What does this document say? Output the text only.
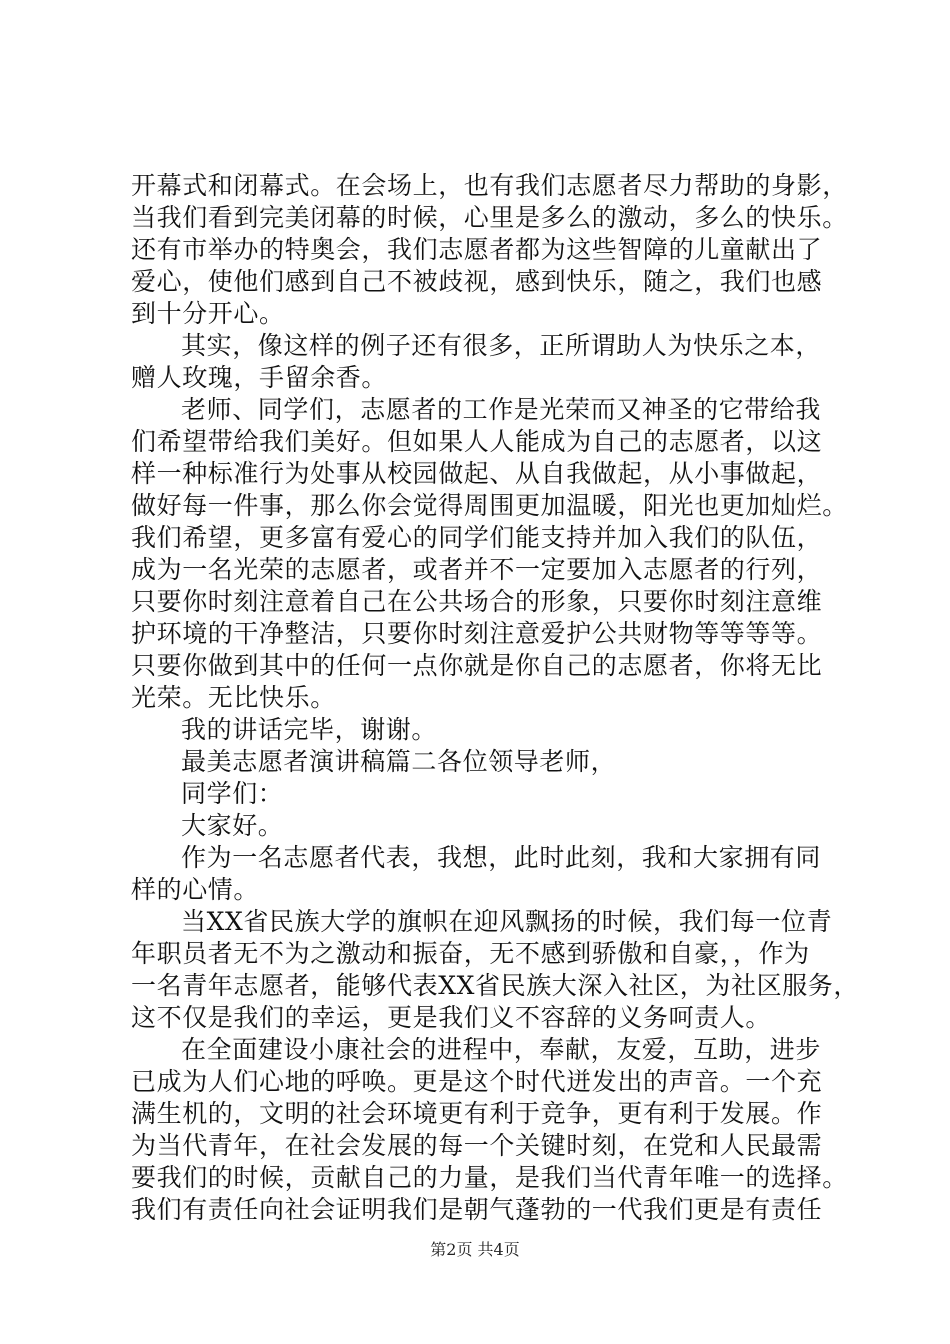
开幕式和闭幕式。在会场上，也有我们志愿者尽力帮助的身影，
当我们看到完美闭幕的时候，心里是多么的激动，多么的快乐。
还有市举办的特奥会，我们志愿者都为这些智障的儿童献出了
爱心，使他们感到自己不被歧视，感到快乐，随之，我们也感
到十分开心。
其实，像这样的例子还有很多，正所谓助人为快乐之本，
赠人玫瑰，手留余香。
老师、同学们，志愿者的工作是光荣而又神圣的它带给我
们希望带给我们美好。但如果人人能成为自己的志愿者，以这
样一种标准行为处事从校园做起、从自我做起，从小事做起，
做好每一件事，那么你会觉得周围更加温暖，阳光也更加灿烂。
我们希望，更多富有爱心的同学们能支持并加入我们的队伍，
成为一名光荣的志愿者，或者并不一定要加入志愿者的行列，
只要你时刻注意着自己在公共场合的形象，只要你时刻注意维
护环境的干净整洁，只要你时刻注意爱护公共财物等等等等。
只要你做到其中的任何一点你就是你自己的志愿者，你将无比
光荣。无比快乐。
我的讲话完毕，谢谢。
最美志愿者演讲稿篇二各位领导老师，
同学们：
大家好。
作为一名志愿者代表，我想，此时此刻，我和大家拥有同
样的心情。
当XX省民族大学的旗帜在迎风飘扬的时候，我们每一位青
年职员者无不为之激动和振奋，无不感到骄傲和自豪，，作为
一名青年志愿者，能够代表XX省民族大深入社区，为社区服务，
这不仅是我们的幸运，更是我们义不容辞的义务呵责人。
在全面建设小康社会的进程中，奉献，友爱，互助，进步
已成为人们心地的呼唤。更是这个时代迸发出的声音。一个充
满生机的，文明的社会环境更有利于竞争，更有利于发展。作
为当代青年，在社会发展的每一个关键时刻，在党和人民最需
要我们的时候，贡献自己的力量，是我们当代青年唯一的选择。
我们有责任向社会证明我们是朝气蓬勃的一代我们更是有责任
第2页 共4页
